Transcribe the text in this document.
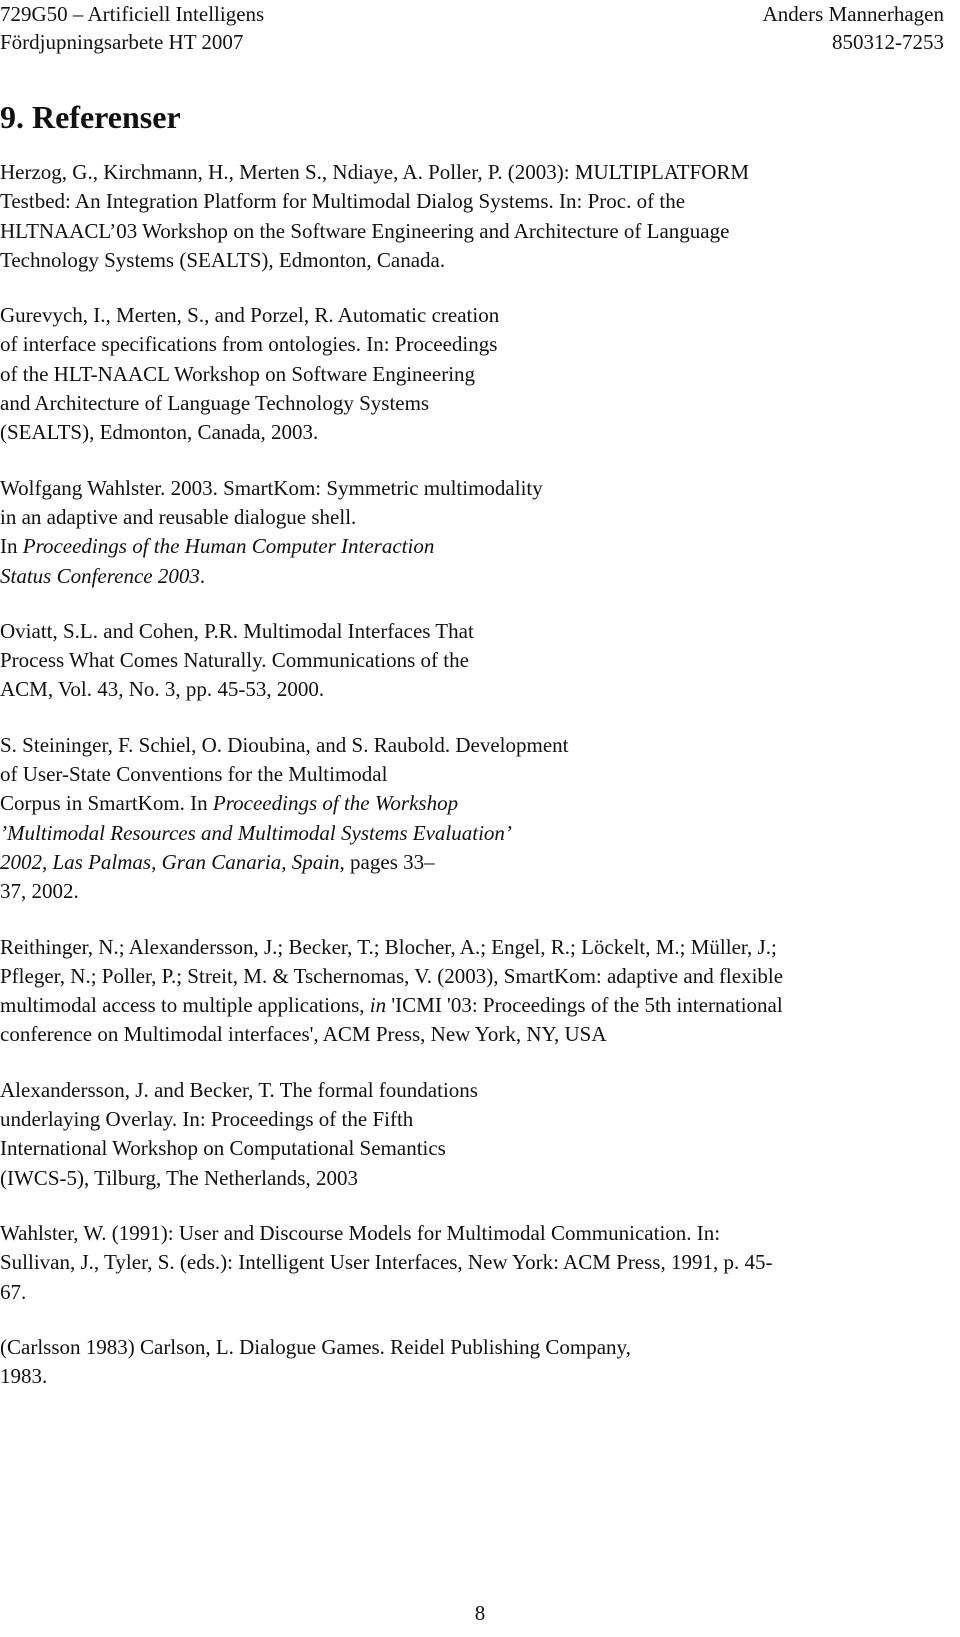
729G50 – Artificiell Intelligens
Fördjupningsarbete HT 2007
Anders Mannerhagen
850312-7253
9. Referenser

Herzog, G., Kirchmann, H., Merten S., Ndiaye, A. Poller, P. (2003): MULTIPLATFORM
Testbed: An Integration Platform for Multimodal Dialog Systems. In: Proc. of the
HLTNAACL’03 Workshop on the Software Engineering and Architecture of Language
Technology Systems (SEALTS), Edmonton, Canada.

Gurevych, I., Merten, S., and Porzel, R. Automatic creation
of interface specifications from ontologies. In: Proceedings
of the HLT-NAACL Workshop on Software Engineering
and Architecture of Language Technology Systems
(SEALTS), Edmonton, Canada, 2003.

Wolfgang Wahlster. 2003. SmartKom: Symmetric multimodality
in an adaptive and reusable dialogue shell.
In Proceedings of the Human Computer Interaction
Status Conference 2003.

Oviatt, S.L. and Cohen, P.R. Multimodal Interfaces That
Process What Comes Naturally. Communications of the
ACM, Vol. 43, No. 3, pp. 45-53, 2000.

S. Steininger, F. Schiel, O. Dioubina, and S. Raubold. Development
of User-State Conventions for the Multimodal
Corpus in SmartKom. In Proceedings of the Workshop
’Multimodal Resources and Multimodal Systems Evaluation’
2002, Las Palmas, Gran Canaria, Spain, pages 33–
37, 2002.

Reithinger, N.; Alexandersson, J.; Becker, T.; Blocher, A.; Engel, R.; Löckelt, M.; Müller, J.;
Pfleger, N.; Poller, P.; Streit, M. & Tschernomas, V. (2003), SmartKom: adaptive and flexible
multimodal access to multiple applications, in 'ICMI '03: Proceedings of the 5th international
conference on Multimodal interfaces', ACM Press, New York, NY, USA

Alexandersson, J. and Becker, T. The formal foundations
underlaying Overlay. In: Proceedings of the Fifth
International Workshop on Computational Semantics
(IWCS-5), Tilburg, The Netherlands, 2003

Wahlster, W. (1991): User and Discourse Models for Multimodal Communication. In:
Sullivan, J., Tyler, S. (eds.): Intelligent User Interfaces, New York: ACM Press, 1991, p. 45-
67.

(Carlsson 1983) Carlson, L. Dialogue Games. Reidel Publishing Company,
1983.

8
